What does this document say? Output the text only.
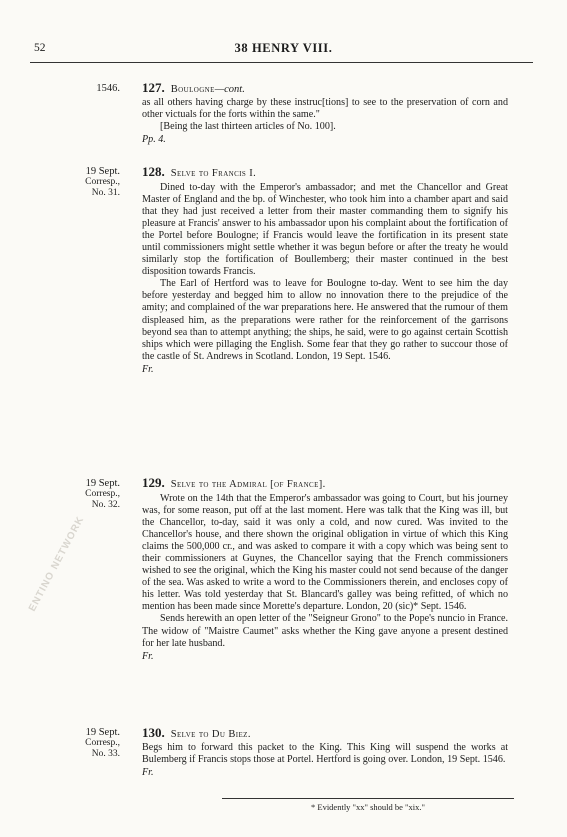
52	38 HENRY VIII.
1546. 127. Boulogne—cont.

as all others having charge by these instruc[tions] to see to the preservation of corn and other victuals for the forts within the same."

[Being the last thirteen articles of No. 100].

Pp. 4.
19 Sept.
Corresp.,
No. 31.
128. Selve to Francis I.

Dined to-day with the Emperor's ambassador; and met the Chancellor and Great Master of England and the bp. of Winchester, who took him into a chamber apart and said that they had just received a letter from their master commanding them to signify his pleasure at Francis' answer to his ambassador upon his complaint about the fortification of the Portel before Boulogne; if Francis would leave the fortification in its present state until commissioners might settle whether it was begun before or after the treaty he would similarly stop the fortification of Boullemberg; their master continued in the best disposition towards Francis.

The Earl of Hertford was to leave for Boulogne to-day. Went to see him the day before yesterday and begged him to allow no innovation there to the prejudice of the amity; and complained of the war preparations here. He answered that the rumour of them displeased him, as the preparations were rather for the reinforcement of the garrisons beyond sea than to attempt anything; the ships, he said, were to go against certain Scottish ships which were pillaging the English. Some fear that they go rather to succour those of the castle of St. Andrews in Scotland. London, 19 Sept. 1546.

Fr.
19 Sept.
Corresp.,
No. 32.
129. Selve to the Admiral [of France].

Wrote on the 14th that the Emperor's ambassador was going to Court, but his journey was, for some reason, put off at the last moment. Here was talk that the King was ill, but the Chancellor, to-day, said it was only a cold, and now cured. Was invited to the Chancellor's house, and there shown the original obligation in virtue of which this King claims the 500,000 cr., and was asked to compare it with a copy which was being sent to their commissioners at Guynes, the Chancellor saying that the French commissioners wished to see the original, which the King his master could not send because of the danger of the sea. Was asked to write a word to the Commissioners therein, and encloses copy of his letter. Was told yesterday that St. Blancard's galley was being refitted, of which no mention has been made since Morette's departure. London, 20 (sic)* Sept. 1546.

Sends herewith an open letter of the "Seigneur Grono" to the Pope's nuncio in France. The widow of "Maistre Caumet" asks whether the King gave anyone a present destined for her late husband.

Fr.
19 Sept.
Corresp.,
No. 33.
130. Selve to Du Biez.

Begs him to forward this packet to the King. This King will suspend the works at Bulemberg if Francis stops those at Portel. Hertford is going over. London, 19 Sept. 1546.

Fr.
* Evidently "xx" should be "xix."
ENTINO NETWORK
